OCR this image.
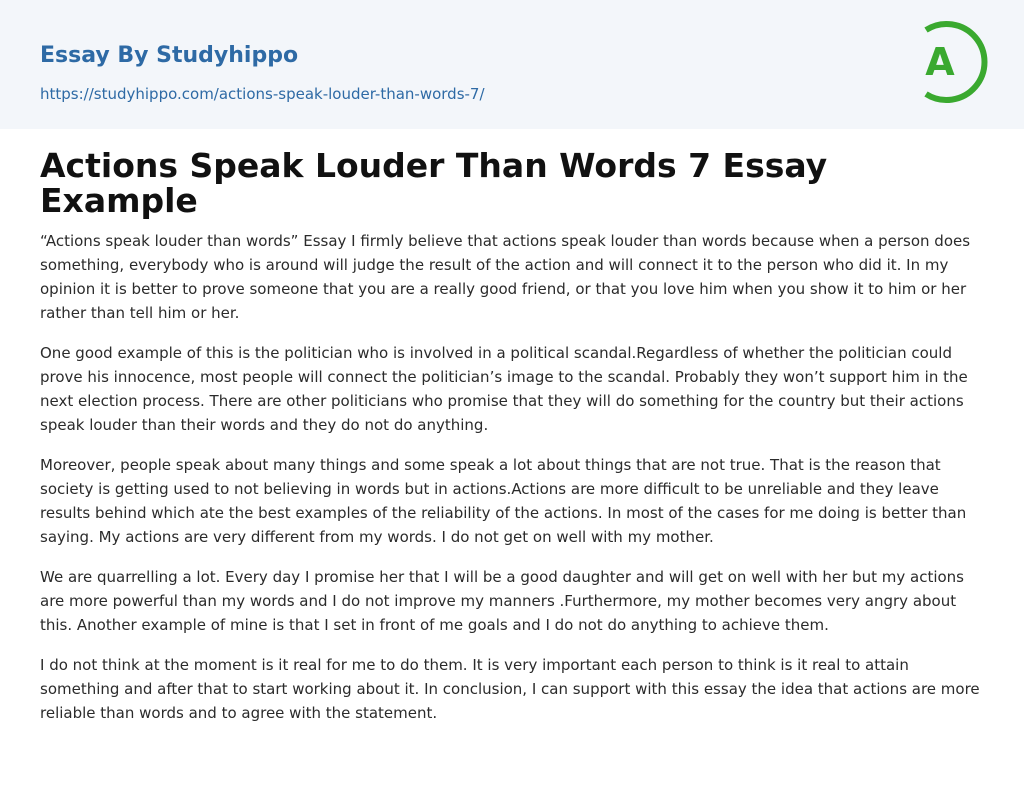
Essay By Studyhippo
https://studyhippo.com/actions-speak-louder-than-words-7/
A
Actions Speak Louder Than Words 7 Essay Example

“Actions speak louder than words” Essay I firmly believe that actions speak louder than words because when a person does something, everybody who is around will judge the result of the action and will connect it to the person who did it. In my opinion it is better to prove someone that you are a really good friend, or that you love him when you show it to him or her rather than tell him or her.

One good example of this is the politician who is involved in a political scandal.Regardless of whether the politician could prove his innocence, most people will connect the politician’s image to the scandal. Probably they won’t support him in the next election process. There are other politicians who promise that they will do something for the country but their actions speak louder than their words and they do not do anything.

Moreover, people speak about many things and some speak a lot about things that are not true. That is the reason that society is getting used to not believing in words but in actions.Actions are more difficult to be unreliable and they leave results behind which ate the best examples of the reliability of the actions. In most of the cases for me doing is better than saying. My actions are very different from my words. I do not get on well with my mother.

We are quarrelling a lot. Every day I promise her that I will be a good daughter and will get on well with her but my actions are more powerful than my words and I do not improve my manners .Furthermore, my mother becomes very angry about this. Another example of mine is that I set in front of me goals and I do not do anything to achieve them.

I do not think at the moment is it real for me to do them. It is very important each person to think is it real to attain something and after that to start working about it. In conclusion, I can support with this essay the idea that actions are more reliable than words and to agree with the statement.
